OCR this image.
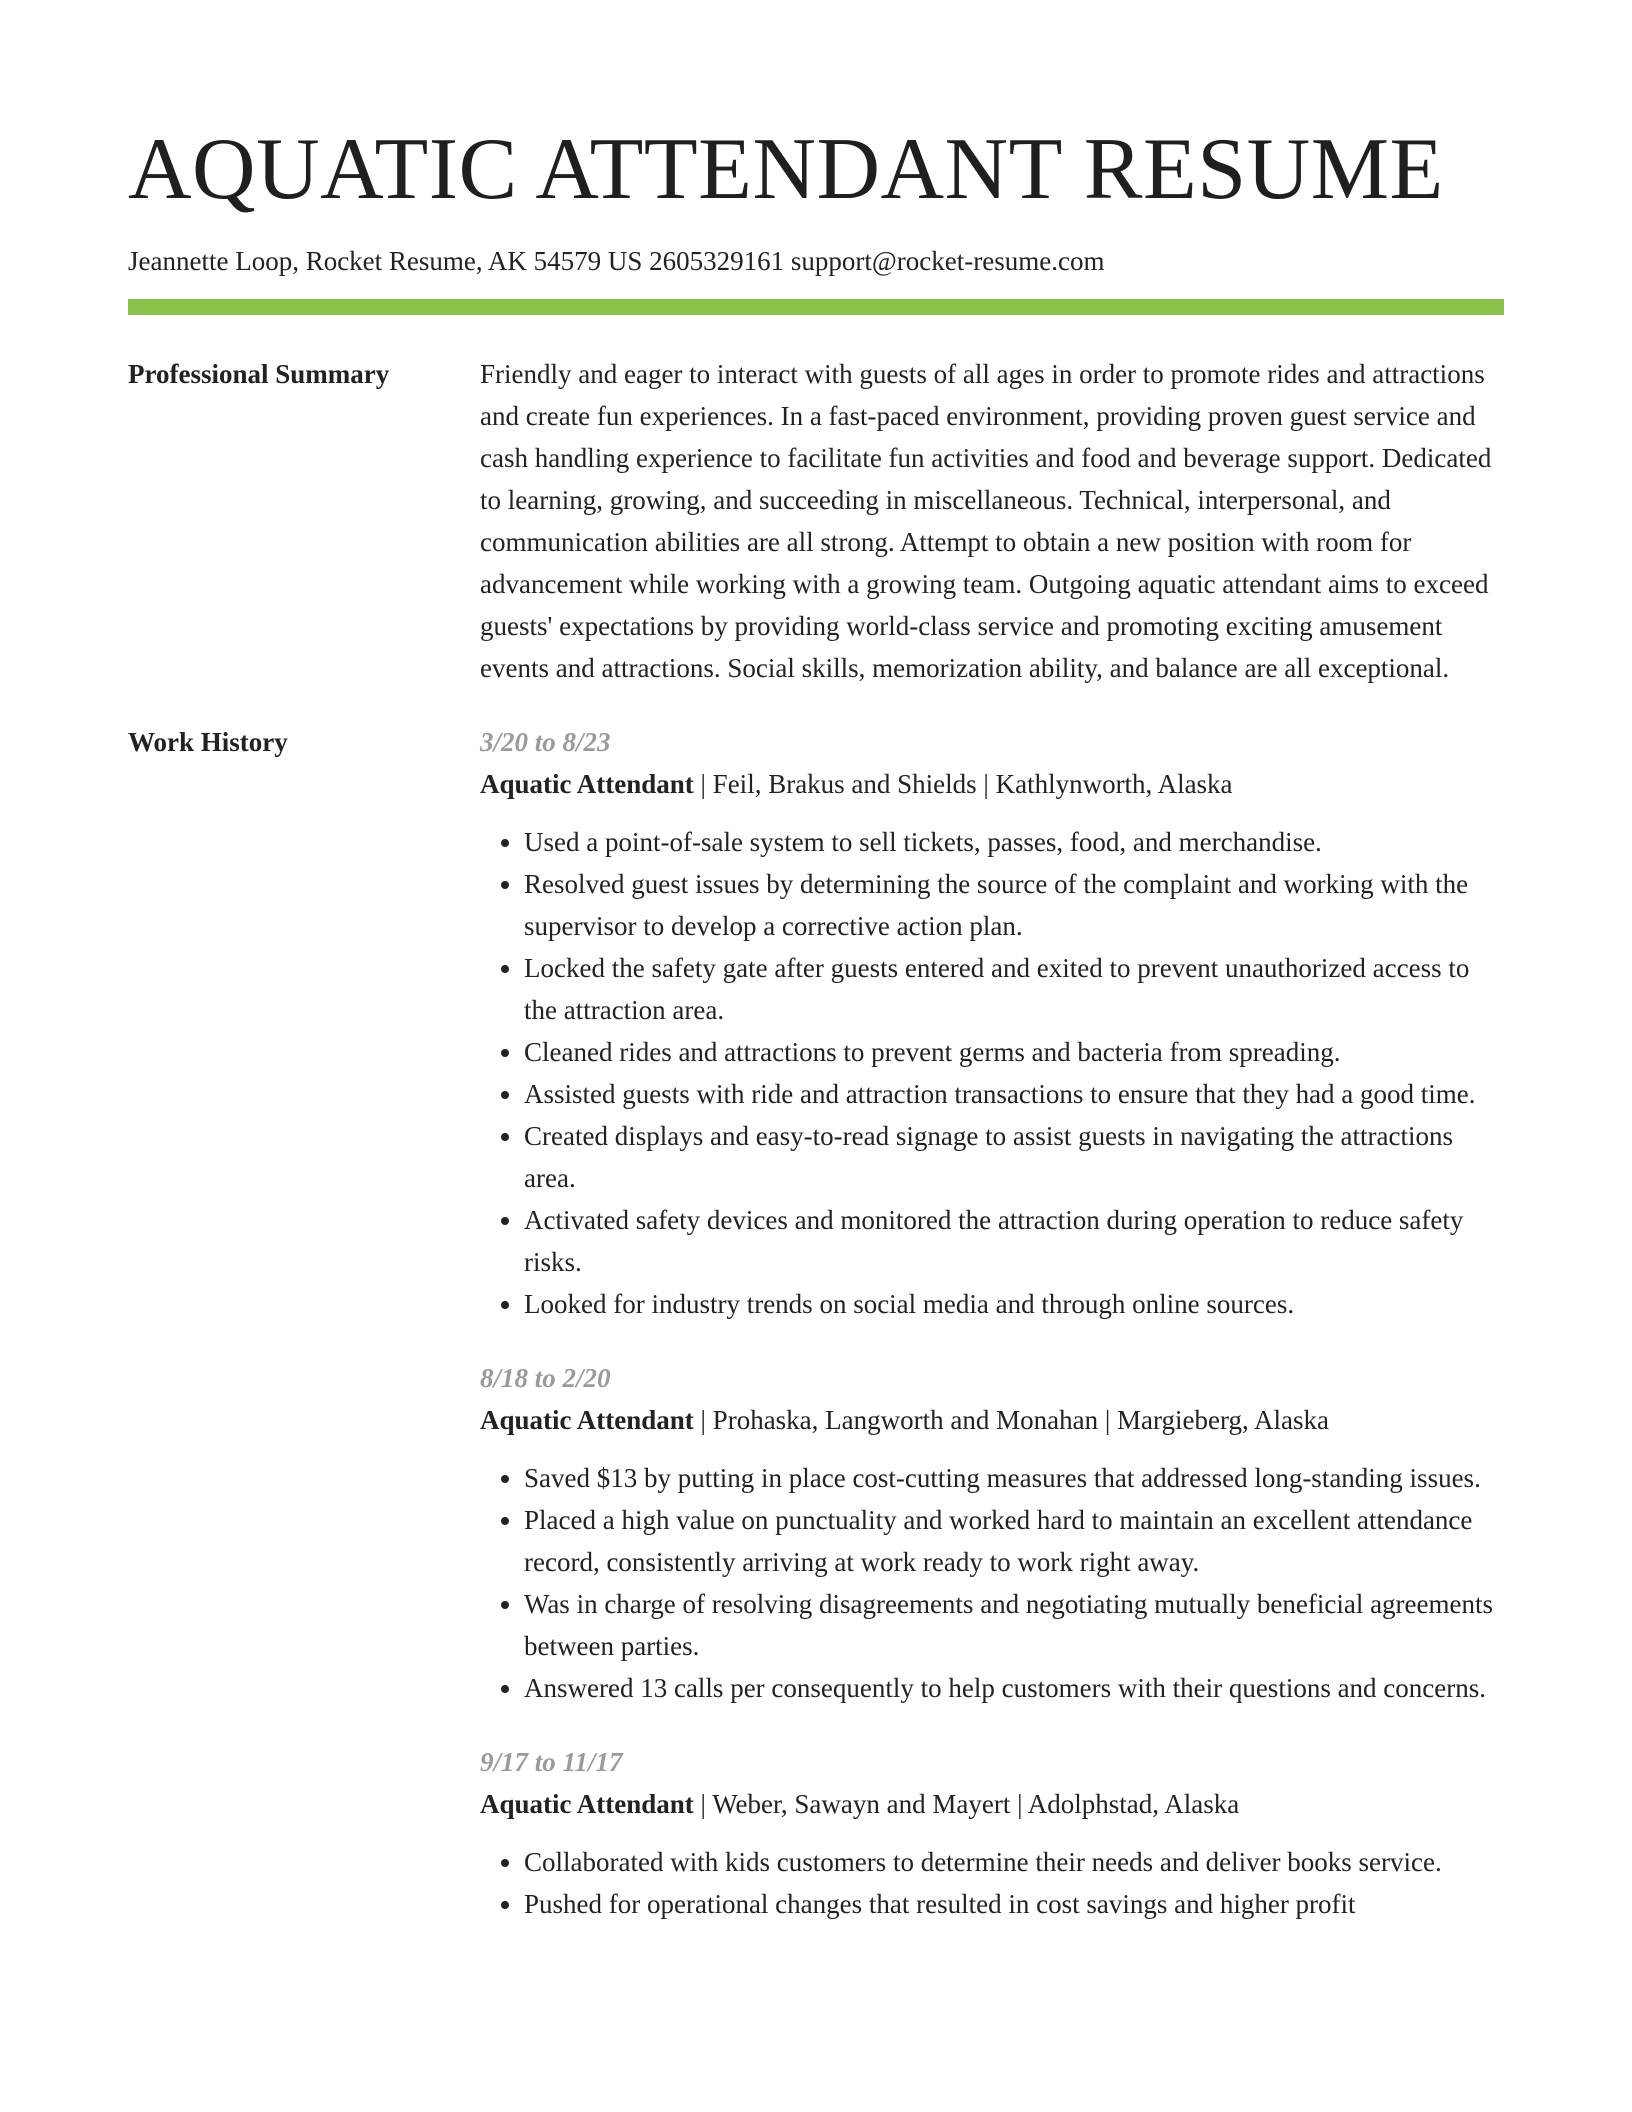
AQUATIC ATTENDANT RESUME
Jeannette Loop, Rocket Resume, AK 54579 US 2605329161 support@rocket-resume.com
Professional Summary	Friendly and eager to interact with guests of all ages in order to promote rides and attractions and create fun experiences. In a fast-paced environment, providing proven guest service and cash handling experience to facilitate fun activities and food and beverage support. Dedicated to learning, growing, and succeeding in miscellaneous. Technical, interpersonal, and communication abilities are all strong. Attempt to obtain a new position with room for advancement while working with a growing team. Outgoing aquatic attendant aims to exceed guests' expectations by providing world-class service and promoting exciting amusement events and attractions. Social skills, memorization ability, and balance are all exceptional.

Work History	3/20 to 8/23
Aquatic Attendant | Feil, Brakus and Shields | Kathlynworth, Alaska
• Used a point-of-sale system to sell tickets, passes, food, and merchandise.
• Resolved guest issues by determining the source of the complaint and working with the supervisor to develop a corrective action plan.
• Locked the safety gate after guests entered and exited to prevent unauthorized access to the attraction area.
• Cleaned rides and attractions to prevent germs and bacteria from spreading.
• Assisted guests with ride and attraction transactions to ensure that they had a good time.
• Created displays and easy-to-read signage to assist guests in navigating the attractions area.
• Activated safety devices and monitored the attraction during operation to reduce safety risks.
• Looked for industry trends on social media and through online sources.
8/18 to 2/20
Aquatic Attendant | Prohaska, Langworth and Monahan | Margieberg, Alaska
• Saved $13 by putting in place cost-cutting measures that addressed long-standing issues.
• Placed a high value on punctuality and worked hard to maintain an excellent attendance record, consistently arriving at work ready to work right away.
• Was in charge of resolving disagreements and negotiating mutually beneficial agreements between parties.
• Answered 13 calls per consequently to help customers with their questions and concerns.
9/17 to 11/17
Aquatic Attendant | Weber, Sawayn and Mayert | Adolphstad, Alaska
• Collaborated with kids customers to determine their needs and deliver books service.
• Pushed for operational changes that resulted in cost savings and higher profit
